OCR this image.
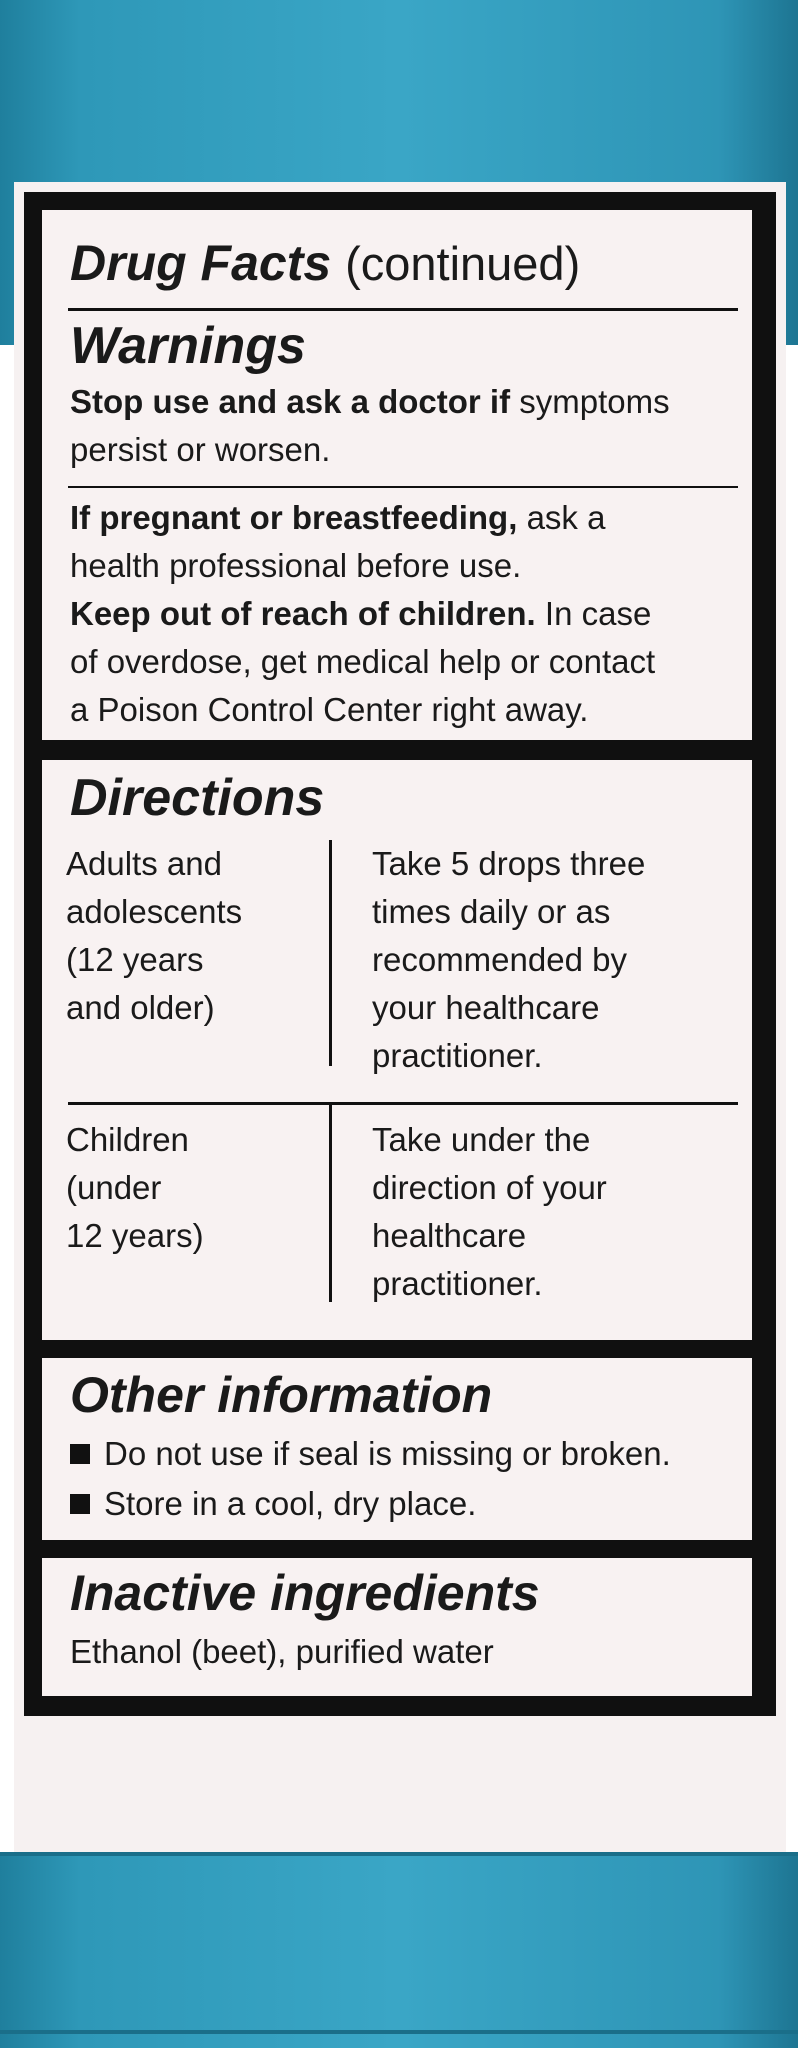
Drug Facts (continued)
Warnings
Stop use and ask a doctor if symptoms
persist or worsen.
If pregnant or breastfeeding, ask a
health professional before use.
Keep out of reach of children. In case
of overdose, get medical help or contact
a Poison Control Center right away.
Directions
Adults and
adolescents
(12 years
and older)
Take 5 drops three
times daily or as
recommended by
your healthcare
practitioner.
Children
(under
12 years)
Take under the
direction of your
healthcare
practitioner.
Other information
Do not use if seal is missing or broken.
Store in a cool, dry place.
Inactive ingredients
Ethanol (beet), purified water
